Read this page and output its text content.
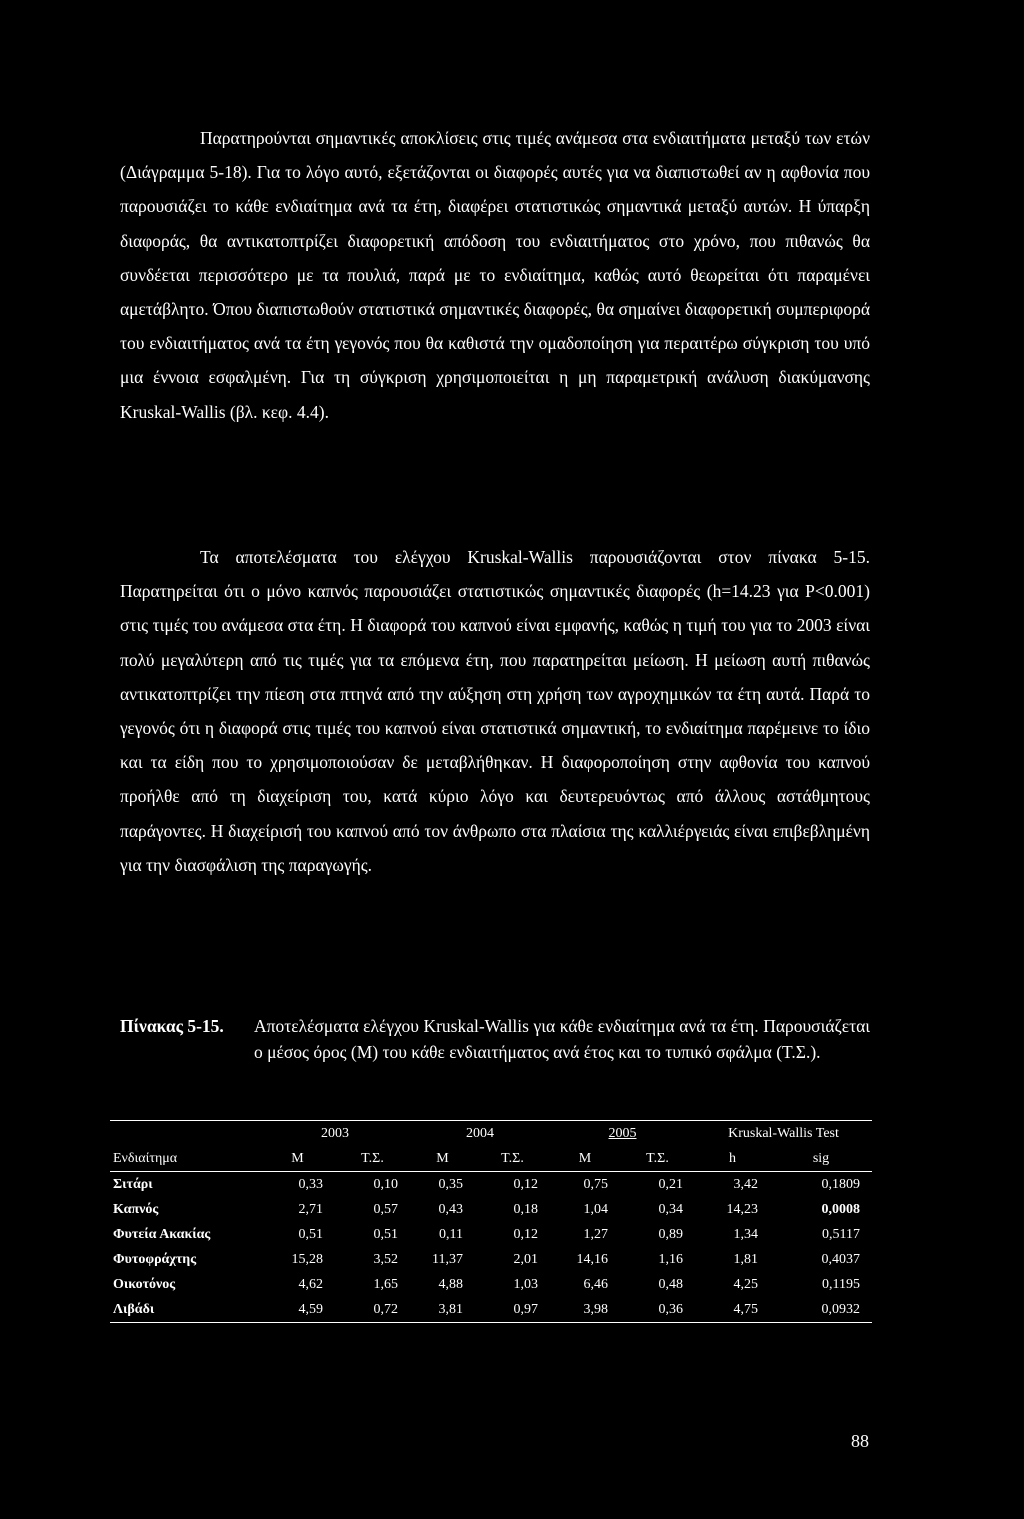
Παρατηρούνται σημαντικές αποκλίσεις στις τιμές ανάμεσα στα ενδιαιτήματα μεταξύ των ετών (Διάγραμμα 5-18). Για το λόγο αυτό, εξετάζονται οι διαφορές αυτές για να διαπιστωθεί αν η αφθονία που παρουσιάζει το κάθε ενδιαίτημα ανά τα έτη, διαφέρει στατιστικώς σημαντικά μεταξύ αυτών. Η ύπαρξη διαφοράς, θα αντικατοπτρίζει διαφορετική απόδοση του ενδιαιτήματος στο χρόνο, που πιθανώς θα συνδέεται περισσότερο με τα πουλιά, παρά με το ενδιαίτημα, καθώς αυτό θεωρείται ότι παραμένει αμετάβλητο. Όπου διαπιστωθούν στατιστικά σημαντικές διαφορές, θα σημαίνει διαφορετική συμπεριφορά του ενδιαιτήματος ανά τα έτη γεγονός που θα καθιστά την ομαδοποίηση για περαιτέρω σύγκριση του υπό μια έννοια εσφαλμένη. Για τη σύγκριση χρησιμοποιείται η μη παραμετρική ανάλυση διακύμανσης Kruskal-Wallis (βλ. κεφ. 4.4).

Τα αποτελέσματα του ελέγχου Kruskal-Wallis παρουσιάζονται στον πίνακα 5-15. Παρατηρείται ότι ο μόνο καπνός παρουσιάζει στατιστικώς σημαντικές διαφορές (h=14.23 για P<0.001) στις τιμές του ανάμεσα στα έτη. Η διαφορά του καπνού είναι εμφανής, καθώς η τιμή του για το 2003 είναι πολύ μεγαλύτερη από τις τιμές για τα επόμενα έτη, που παρατηρείται μείωση. Η μείωση αυτή πιθανώς αντικατοπτρίζει την πίεση στα πτηνά από την αύξηση στη χρήση των αγροχημικών τα έτη αυτά. Παρά το γεγονός ότι η διαφορά στις τιμές του καπνού είναι στατιστικά σημαντική, το ενδιαίτημα παρέμεινε το ίδιο και τα είδη που το χρησιμοποιούσαν δε μεταβλήθηκαν. Η διαφοροποίηση στην αφθονία του καπνού προήλθε από τη διαχείριση του, κατά κύριο λόγο και δευτερευόντως από άλλους αστάθμητους παράγοντες. Η διαχείρισή του καπνού από τον άνθρωπο στα πλαίσια της καλλιέργειάς είναι επιβεβλημένη για την διασφάλιση της παραγωγής.

Πίνακας 5-15.	Αποτελέσματα ελέγχου Kruskal-Wallis για κάθε ενδιαίτημα ανά τα έτη. Παρουσιάζεται ο μέσος όρος (Μ) του κάθε ενδιαιτήματος ανά έτος και το τυπικό σφάλμα (Τ.Σ.).
	2003		2004		2005		Kruskal-Wallis Test	
Ενδιαίτημα	Μ	Τ.Σ.	Μ	Τ.Σ.	Μ	Τ.Σ.	h	sig
Σιτάρι	0,33	0,10	0,35	0,12	0,75	0,21	3,42	0,1809
Καπνός	2,71	0,57	0,43	0,18	1,04	0,34	14,23	0,0008
Φυτεία Ακακίας	0,51	0,51	0,11	0,12	1,27	0,89	1,34	0,5117
Φυτοφράχτης	15,28	3,52	11,37	2,01	14,16	1,16	1,81	0,4037
Οικοτόνος	4,62	1,65	4,88	1,03	6,46	0,48	4,25	0,1195
Λιβάδι	4,59	0,72	3,81	0,97	3,98	0,36	4,75	0,0932
88
